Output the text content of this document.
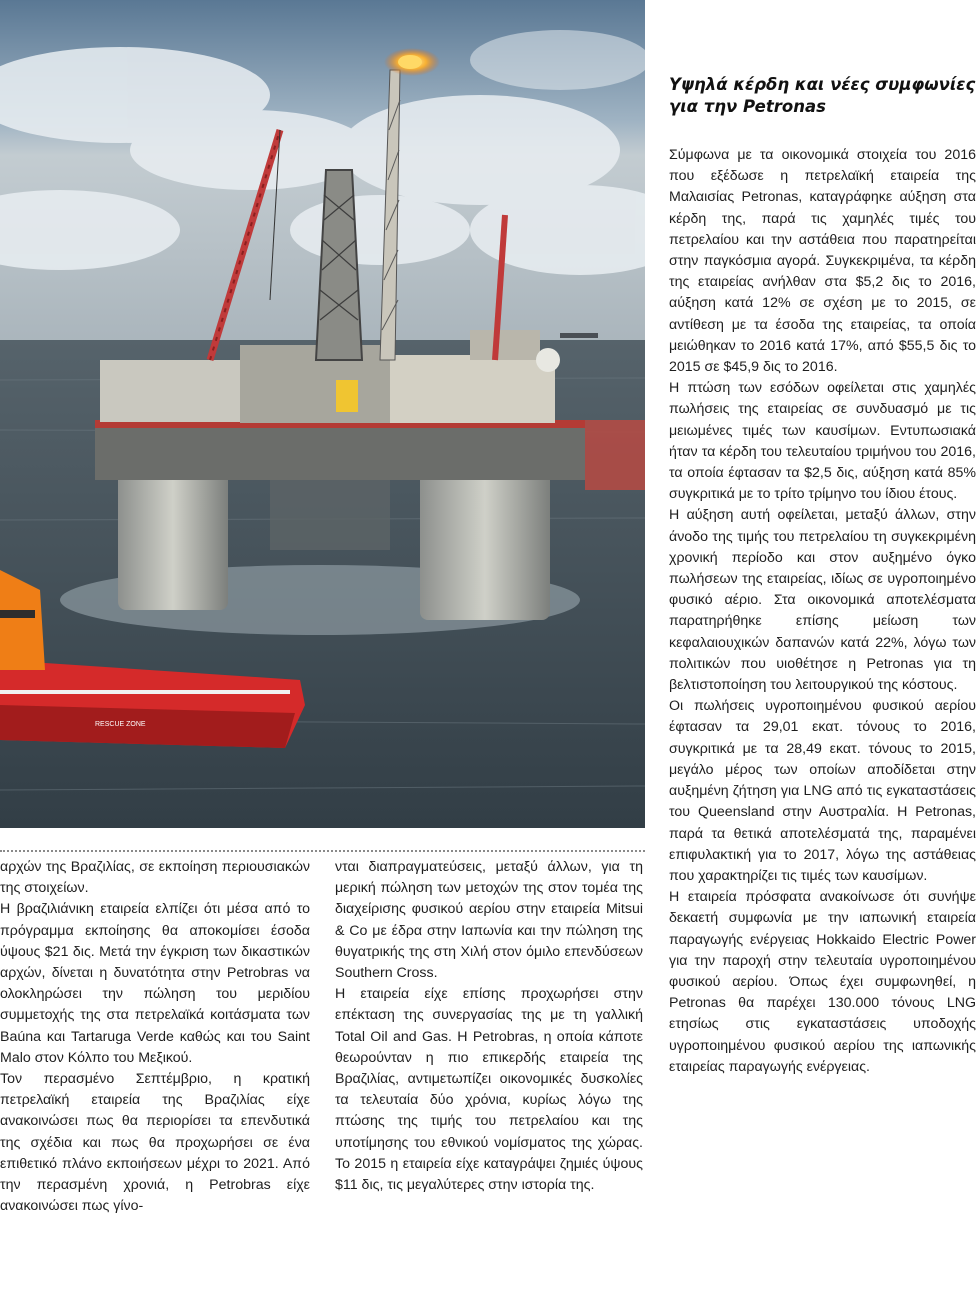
RESCUE ZONE

αρχών της Βραζιλίας, σε εκποίηση περιουσιακών της στοιχείων.

Η βραζιλιάνικη εταιρεία ελπίζει ότι μέσα από το πρόγραμμα εκποίησης θα αποκομίσει έσοδα ύψους $21 δις. Μετά την έγκριση των δικαστικών αρχών, δίνεται η δυνατότητα στην Petrobras να ολοκληρώσει την πώληση του μεριδίου συμμετοχής της στα πετρελαϊκά κοιτάσματα των Baúna και Tartaruga Verde καθώς και του Saint Malo στον Κόλπο του Μεξικού.

Τον περασμένο Σεπτέμβριο, η κρατική πετρελαϊκή εταιρεία της Βραζιλίας είχε ανακοινώσει πως θα περιορίσει τα επενδυτικά της σχέδια και πως θα προχωρήσει σε ένα επιθετικό πλάνο εκποιήσεων μέχρι το 2021. Από την περασμένη χρονιά, η Petrobras είχε ανακοινώσει πως γίνο-

νται διαπραγματεύσεις, μεταξύ άλλων, για τη μερική πώληση των μετοχών της στον τομέα της διαχείρισης φυσικού αερίου στην εταιρεία Mitsui & Co με έδρα στην Ιαπωνία και την πώληση της θυγατρικής της στη Χιλή στον όμιλο επενδύσεων Southern Cross.

Η εταιρεία είχε επίσης προχωρήσει στην επέκταση της συνεργασίας της με τη γαλλική Total Oil and Gas. Η Petrobras, η οποία κάποτε θεωρούνταν η πιο επικερδής εταιρεία της Βραζιλίας, αντιμετωπίζει οικονομικές δυσκολίες τα τελευταία δύο χρόνια, κυρίως λόγω της πτώσης της τιμής του πετρελαίου και της υποτίμησης του εθνικού νομίσματος της χώρας. Το 2015 η εταιρεία είχε καταγράψει ζημιές ύψους $11 δις, τις μεγαλύτερες στην ιστορία της.

Υψηλά κέρδη και νέες συμφωνίες για την Petronas

Σύμφωνα με τα οικονομικά στοιχεία του 2016 που εξέδωσε η πετρελαϊκή εταιρεία της Μαλαισίας Petronas, καταγράφηκε αύξηση στα κέρδη της, παρά τις χαμηλές τιμές του πετρελαίου και την αστάθεια που παρατηρείται στην παγκόσμια αγορά. Συγκεκριμένα, τα κέρδη της εταιρείας ανήλθαν στα $5,2 δις το 2016, αύξηση κατά 12% σε σχέση με το 2015, σε αντίθεση με τα έσοδα της εταιρείας, τα οποία μειώθηκαν το 2016 κατά 17%, από $55,5 δις το 2015 σε $45,9 δις το 2016.

Η πτώση των εσόδων οφείλεται στις χαμηλές πωλήσεις της εταιρείας σε συνδυασμό με τις μειωμένες τιμές των καυσίμων. Εντυπωσιακά ήταν τα κέρδη του τελευταίου τριμήνου του 2016, τα οποία έφτασαν τα $2,5 δις, αύξηση κατά 85% συγκριτικά με το τρίτο τρίμηνο του ίδιου έτους.

Η αύξηση αυτή οφείλεται, μεταξύ άλλων, στην άνοδο της τιμής του πετρελαίου τη συγκεκριμένη χρονική περίοδο και στον αυξημένο όγκο πωλήσεων της εταιρείας, ιδίως σε υγροποιημένο φυσικό αέριο. Στα οικονομικά αποτελέσματα παρατηρήθηκε επίσης μείωση των κεφαλαιουχικών δαπανών κατά 22%, λόγω των πολιτικών που υιοθέτησε η Petronas για τη βελτιστοποίηση του λειτουργικού της κόστους.

Οι πωλήσεις υγροποιημένου φυσικού αερίου έφτασαν τα 29,01 εκατ. τόνους το 2016, συγκριτικά με τα 28,49 εκατ. τόνους το 2015, μεγάλο μέρος των οποίων αποδίδεται στην αυξημένη ζήτηση για LNG από τις εγκαταστάσεις του Queensland στην Αυστραλία. Η Petronas, παρά τα θετικά αποτελέσματά της, παραμένει επιφυλακτική για το 2017, λόγω της αστάθειας που χαρακτηρίζει τις τιμές των καυσίμων.

Η εταιρεία πρόσφατα ανακοίνωσε ότι συνήψε δεκαετή συμφωνία με την ιαπωνική εταιρεία παραγωγής ενέργειας Hokkaido Electric Power για την παροχή στην τελευταία υγροποιημένου φυσικού αερίου. Όπως έχει συμφωνηθεί, η Petronas θα παρέχει 130.000 τόνους LNG ετησίως στις εγκαταστάσεις υποδοχής υγροποιημένου φυσικού αερίου της ιαπωνικής εταιρείας παραγωγής ενέργειας.
